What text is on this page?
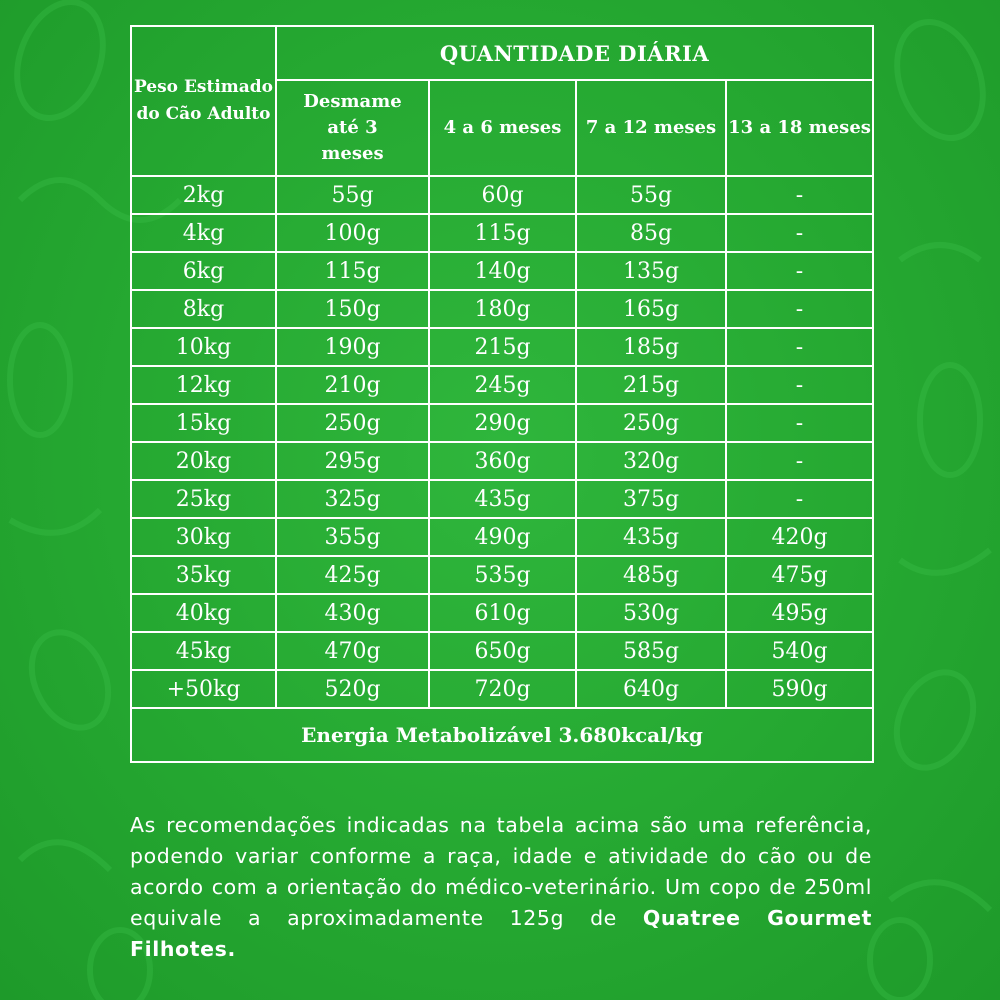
Peso Estimado do Cão Adulto	QUANTIDADE DIÁRIA			
	Desmame até 3 meses	4 a 6 meses	7 a 12 meses	13 a 18 meses
2kg	55g	60g	55g	-
4kg	100g	115g	85g	-
6kg	115g	140g	135g	-
8kg	150g	180g	165g	-
10kg	190g	215g	185g	-
12kg	210g	245g	215g	-
15kg	250g	290g	250g	-
20kg	295g	360g	320g	-
25kg	325g	435g	375g	-
30kg	355g	490g	435g	420g
35kg	425g	535g	485g	475g
40kg	430g	610g	530g	495g
45kg	470g	650g	585g	540g
+50kg	520g	720g	640g	590g
Energia Metabolizável 3.680kcal/kg				
As recomendações indicadas na tabela acima são uma referência, podendo variar conforme a raça, idade e atividade do cão ou de acordo com a orientação do médico-veterinário. Um copo de 250ml equivale a aproximadamente 125g de Quatree Gourmet Filhotes.
